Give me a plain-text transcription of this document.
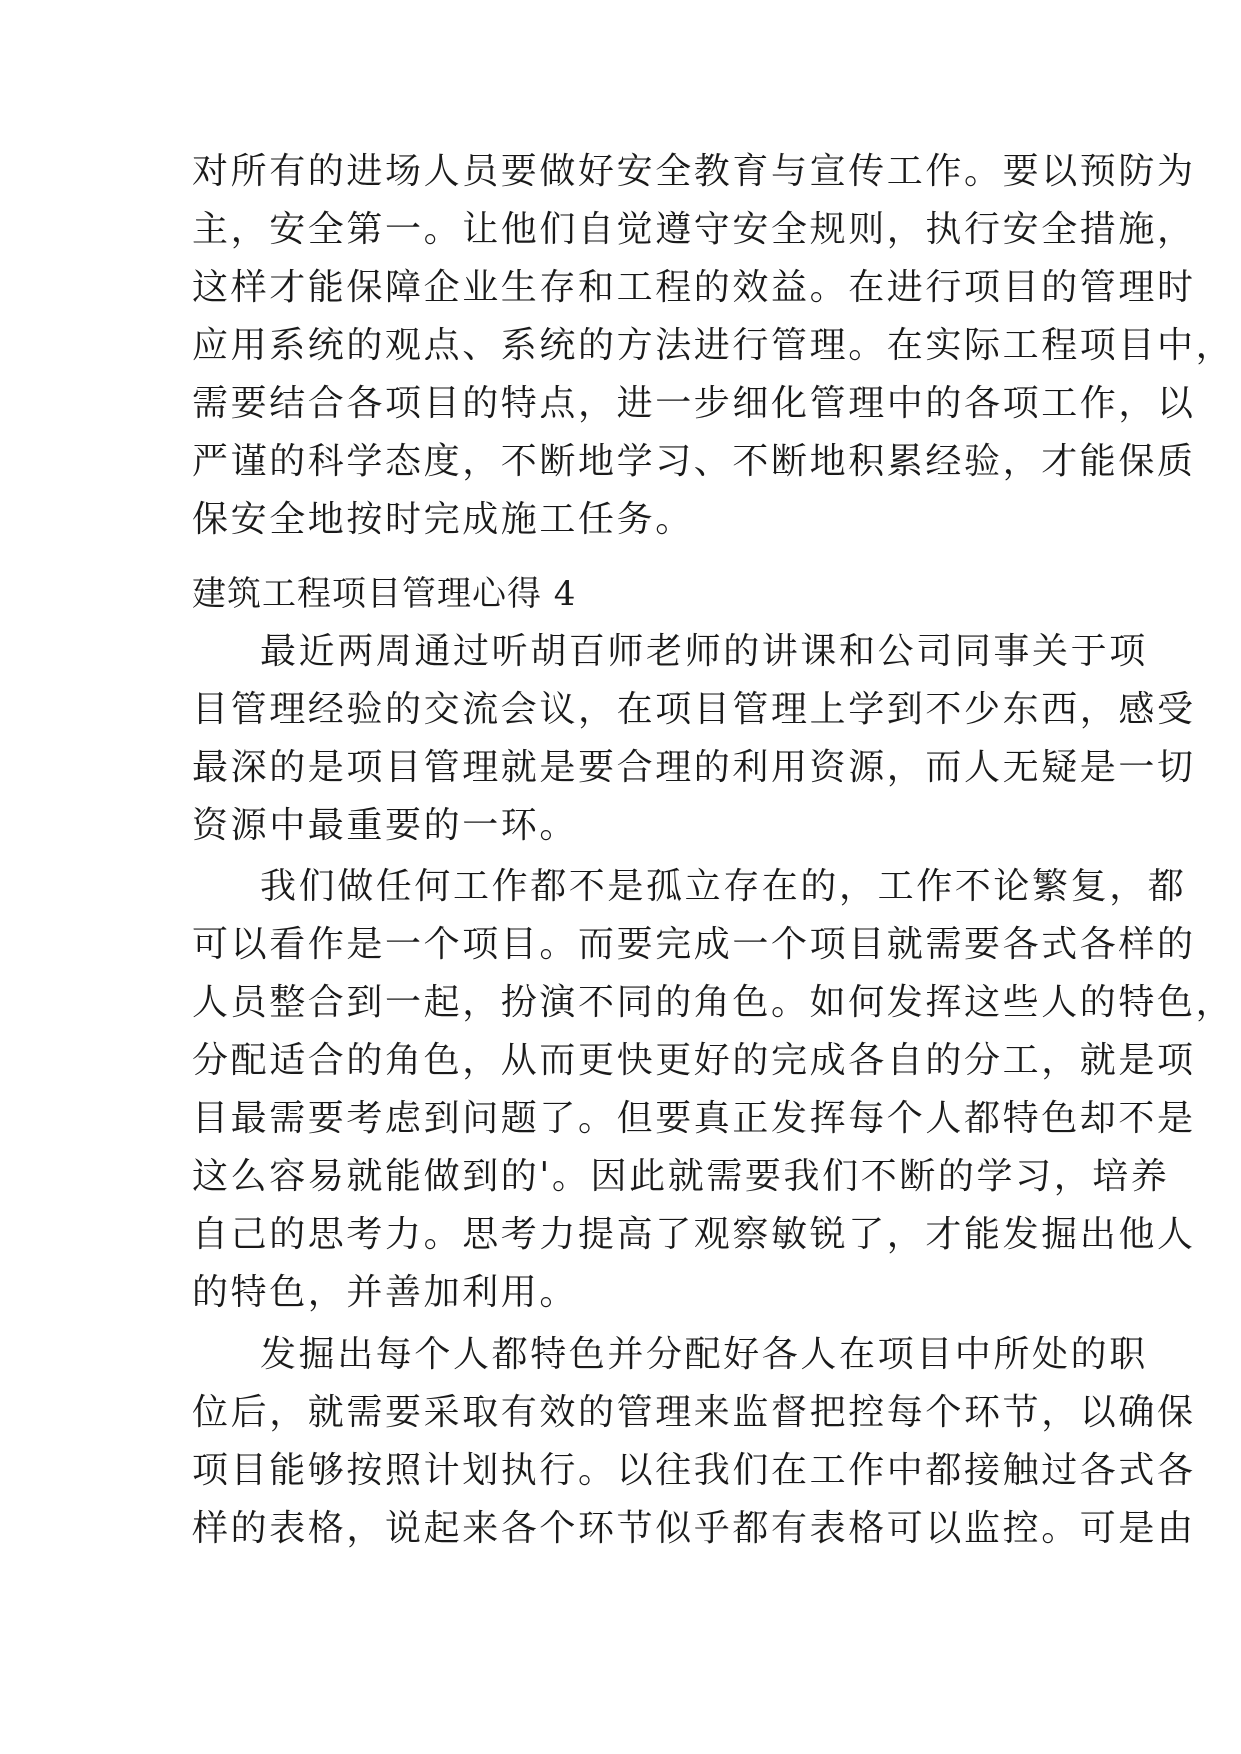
对所有的进场人员要做好安全教育与宣传工作。要以预防为
主，安全第一。让他们自觉遵守安全规则，执行安全措施，
这样才能保障企业生存和工程的效益。在进行项目的管理时
应用系统的观点、系统的方法进行管理。在实际工程项目中，
需要结合各项目的特点，进一步细化管理中的各项工作，以
严谨的科学态度，不断地学习、不断地积累经验，才能保质
保安全地按时完成施工任务。
建筑工程项目管理心得 4
最近两周通过听胡百师老师的讲课和公司同事关于项
目管理经验的交流会议，在项目管理上学到不少东西，感受
最深的是项目管理就是要合理的利用资源，而人无疑是一切
资源中最重要的一环。
我们做任何工作都不是孤立存在的，工作不论繁复，都
可以看作是一个项目。而要完成一个项目就需要各式各样的
人员整合到一起，扮演不同的角色。如何发挥这些人的特色，
分配适合的角色，从而更快更好的完成各自的分工，就是项
目最需要考虑到问题了。但要真正发挥每个人都特色却不是
这么容易就能做到的'。因此就需要我们不断的学习，培养
自己的思考力。思考力提高了观察敏锐了，才能发掘出他人
的特色，并善加利用。
发掘出每个人都特色并分配好各人在项目中所处的职
位后，就需要采取有效的管理来监督把控每个环节，以确保
项目能够按照计划执行。以往我们在工作中都接触过各式各
样的表格，说起来各个环节似乎都有表格可以监控。可是由
